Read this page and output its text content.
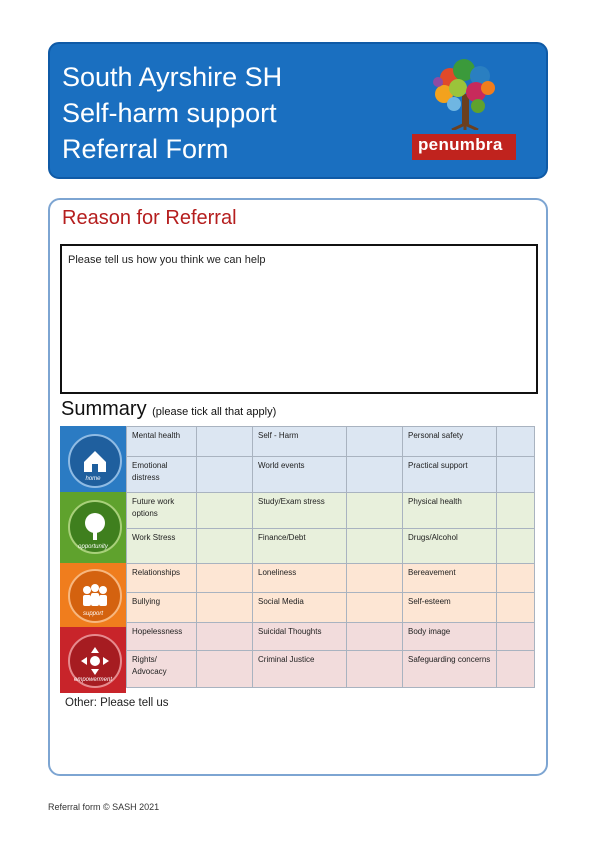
South Ayrshire SH
Self-harm support
Referral Form	penumbra
Reason for Referral
Please tell us how you think we can help
Summary (please tick all that apply)
home
opportunity
support
empowerment
Mental health		Self - Harm		Personal safety	
Emotional distress		World events		Practical support	
Future work options		Study/Exam stress		Physical health	
Work Stress		Finance/Debt		Drugs/Alcohol	
Relationships		Loneliness		Bereavement	
Bullying		Social Media		Self-esteem	
Hopelessness		Suicidal Thoughts		Body image	
Rights/ Advocacy		Criminal Justice		Safeguarding concerns	
Other: Please tell us
Referral form © SASH 2021
